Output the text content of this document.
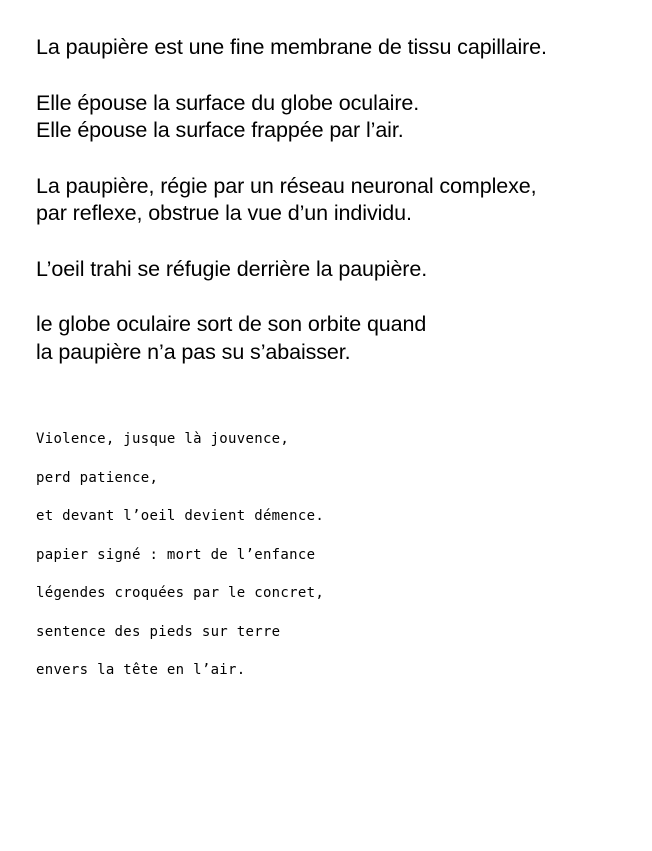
La paupière est une fine membrane de tissu capillaire.

Elle épouse la surface du globe oculaire.
Elle épouse la surface frappée par l’air.

La paupière, régie par un réseau neuronal complexe,
par reflexe, obstrue la vue d’un individu.

L’oeil trahi se réfugie derrière la paupière.

le globe oculaire sort de son orbite quand
la paupière n’a pas su s’abaisser.

Violence, jusque là jouvence,
perd patience,
et devant l’oeil devient démence.
papier signé : mort de l’enfance
légendes croquées par le concret,
sentence des pieds sur terre
envers la tête en l’air.
